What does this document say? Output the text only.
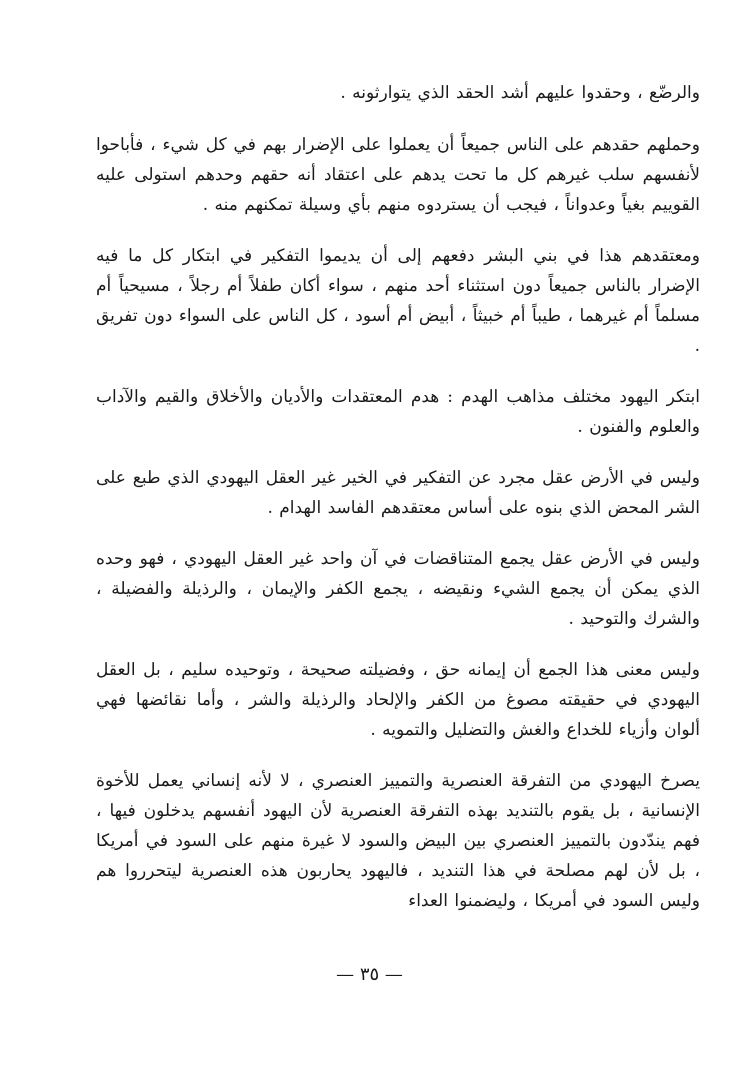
والرضّع ، وحقدوا عليهم أشد الحقد الذي يتوارثونه .

وحملهم حقدهم على الناس جميعاً أن يعملوا على الإضرار بهم في كل شيء ، فأباحوا لأنفسهم سلب غيرهم كل ما تحت يدهم على اعتقاد أنه حقهم وحدهم استولى عليه القوييم بغياً وعدواناً ، فيجب أن يستردوه منهم بأي وسيلة تمكنهم منه .

ومعتقدهم هذا في بني البشر دفعهم إلى أن يديموا التفكير في ابتكار كل ما فيه الإضرار بالناس جميعاً دون استثناء أحد منهم ، سواء أكان طفلاً أم رجلاً ، مسيحياً أم مسلماً أم غيرهما ، طيباً أم خبيثاً ، أبيض أم أسود ، كل الناس على السواء دون تفريق .

ابتكر اليهود مختلف مذاهب الهدم : هدم المعتقدات والأديان والأخلاق والقيم والآداب والعلوم والفنون .

وليس في الأرض عقل مجرد عن التفكير في الخير غير العقل اليهودي الذي طبع على الشر المحض الذي بنوه على أساس معتقدهم الفاسد الهدام .

وليس في الأرض عقل يجمع المتناقضات في آن واحد غير العقل اليهودي ، فهو وحده الذي يمكن أن يجمع الشيء ونقيضه ، يجمع الكفر والإيمان ، والرذيلة والفضيلة ، والشرك والتوحيد .

وليس معنى هذا الجمع أن إيمانه حق ، وفضيلته صحيحة ، وتوحيده سليم ، بل العقل اليهودي في حقيقته مصوغ من الكفر والإلحاد والرذيلة والشر ، وأما نقائضها فهي ألوان وأزياء للخداع والغش والتضليل والتمويه .

يصرخ اليهودي من التفرقة العنصرية والتمييز العنصري ، لا لأنه إنساني يعمل للأخوة الإنسانية ، بل يقوم بالتنديد بهذه التفرقة العنصرية لأن اليهود أنفسهم يدخلون فيها ، فهم يندّدون بالتمييز العنصري بين البيض والسود لا غيرة منهم على السود في أمريكا ، بل لأن لهم مصلحة في هذا التنديد ، فاليهود يحاربون هذه العنصرية ليتحرروا هم وليس السود في أمريكا ، وليضمنوا العداء

— ٣٥ —
